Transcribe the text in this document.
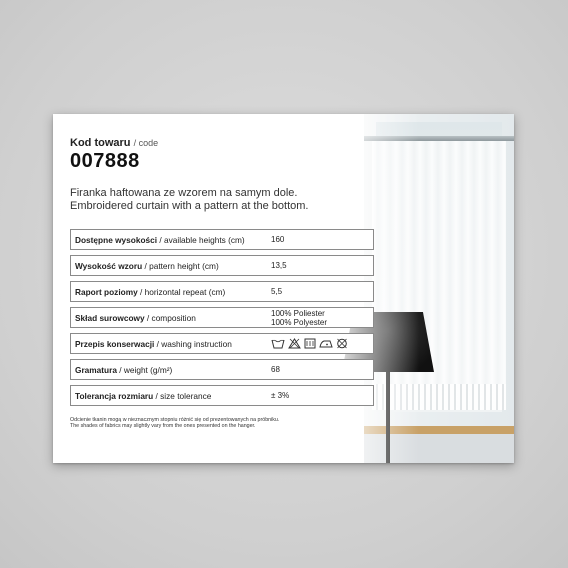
Kod towaru / code
007888
Firanka haftowana ze wzorem na samym dole.
Embroidered curtain with a pattern at the bottom.
Dostępne wysokości / available heights (cm)	160
Wysokość wzoru / pattern height (cm)	13,5
Raport poziomy / horizontal repeat (cm)	5,5
Skład surowcowy / composition	100% Poliester
100% Polyester
Przepis konserwacji / washing instruction
Gramatura / weight (g/m²)	68
Tolerancja rozmiaru / size tolerance	± 3%
Odcienie tkanin mogą w nieznacznym stopniu różnić się od prezentowanych na próbniku.
The shades of fabrics may slightly vary from the ones presented on the hanger.
